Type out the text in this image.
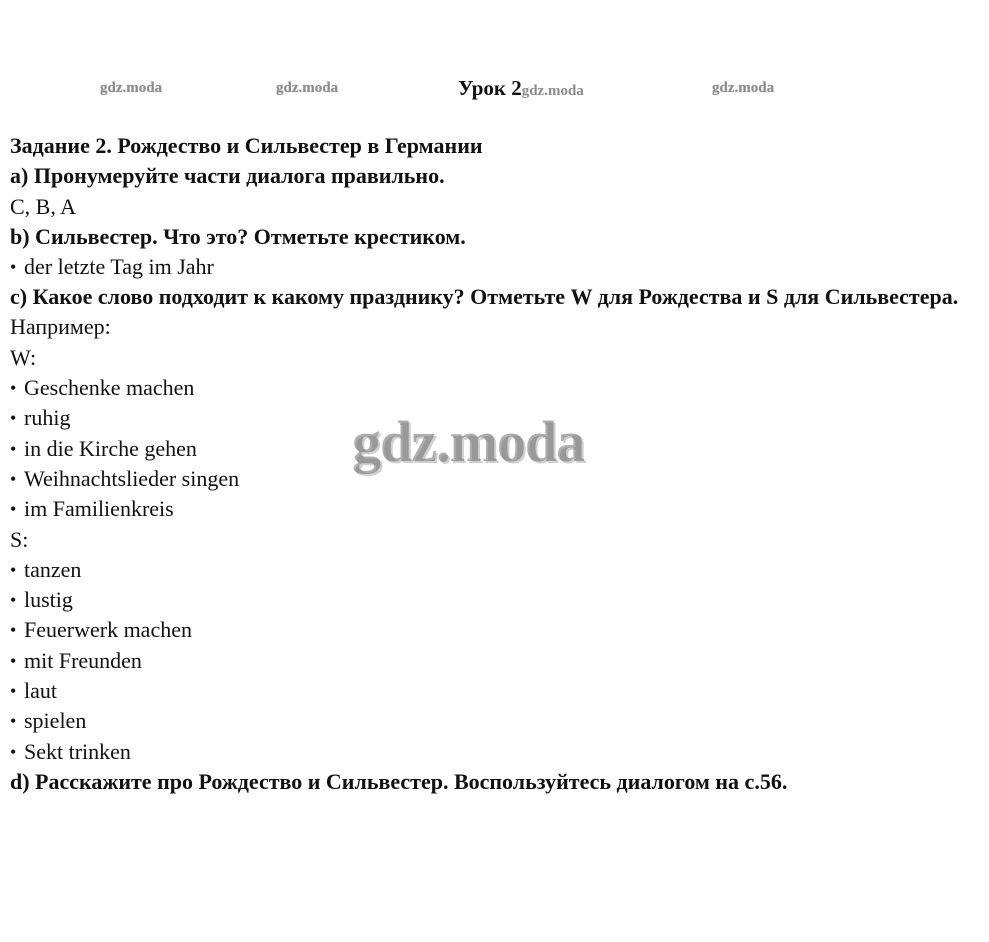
gdz.moda	gdz.moda	Урок 2gdz.moda	gdz.moda
Задание 2. Рождество и Сильвестер в Германии
a) Пронумеруйте части диалога правильно.
C, B, A
b) Сильвестер. Что это? Отметьте крестиком.
• der letzte Tag im Jahr
c) Какое слово подходит к какому празднику? Отметьте W для Рождества и S для Сильвестера.
Например:
W:
• Geschenke machen
• ruhig
• in die Kirche gehen
• Weihnachtslieder singen
• im Familienkreis
S:
• tanzen
• lustig
• Feuerwerk machen
• mit Freunden
• laut
• spielen
• Sekt trinken
d) Расскажите про Рождество и Сильвестер. Воспользуйтесь диалогом на с.56.
gdz.moda
